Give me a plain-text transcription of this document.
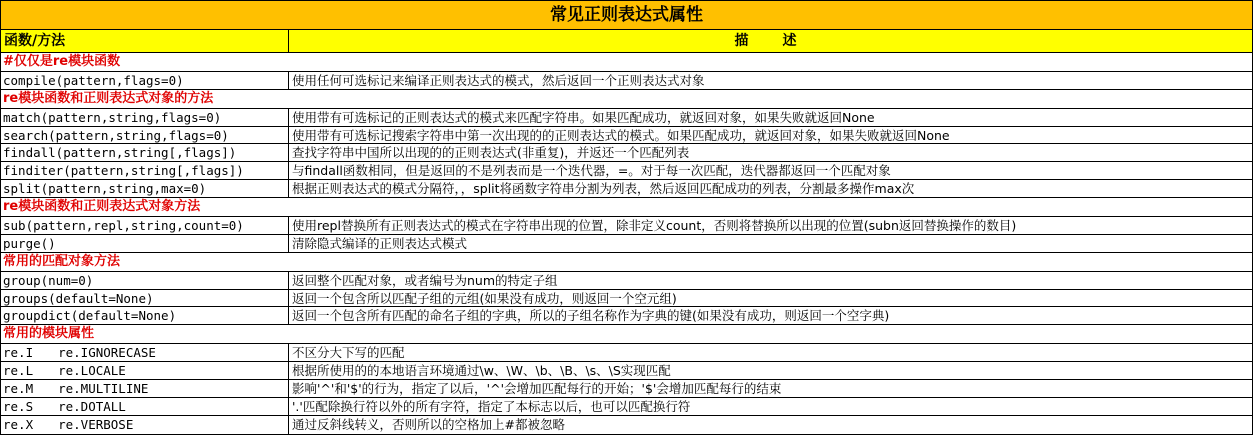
常见正则表达式属性
函数/方法	描　述
#仅仅是re模块函数
compile(pattern,flags=0)	使用任何可选标记来编译正则表达式的模式，然后返回一个正则表达式对象
re模块函数和正则表达式对象的方法
match(pattern,string,flags=0)	使用带有可选标记的正则表达式的模式来匹配字符串。如果匹配成功，就返回对象，如果失败就返回None
search(pattern,string,flags=0)	使用带有可选标记搜索字符串中第一次出现的的正则表达式的模式。如果匹配成功，就返回对象，如果失败就返回None
findall(pattern,string[,flags])	查找字符串中国所以出现的的正则表达式(非重复)，并返还一个匹配列表
finditer(pattern,string[,flags])	与findall函数相同，但是返回的不是列表而是一个迭代器，=。对于每一次匹配，迭代器都返回一个匹配对象
split(pattern,string,max=0)	根据正则表达式的模式分隔符，，split将函数字符串分割为列表，然后返回匹配成功的列表，分割最多操作max次
re模块函数和正则表达式对象方法
sub(pattern,repl,string,count=0)	使用repl替换所有正则表达式的模式在字符串出现的位置，除非定义count，否则将替换所以出现的位置(subn返回替换操作的数目)
purge()	清除隐式编译的正则表达式模式
常用的匹配对象方法
group(num=0)	返回整个匹配对象，或者编号为num的特定子组
groups(default=None)	返回一个包含所以匹配子组的元组(如果没有成功，则返回一个空元组)
groupdict(default=None)	返回一个包含所有匹配的命名子组的字典，所以的子组名称作为字典的键(如果没有成功，则返回一个空字典)
常用的模块属性
re.I　　re.IGNORECASE	不区分大下写的匹配
re.L　　re.LOCALE	根据所使用的的本地语言环境通过\w、\W、\b、\B、\s、\S实现匹配
re.M　　re.MULTILINE	影响'^'和'$'的行为，指定了以后，'^'会增加匹配每行的开始；'$'会增加匹配每行的结束
re.S　　re.DOTALL	'.'匹配除换行符以外的所有字符，指定了本标志以后，也可以匹配换行符
re.X　　re.VERBOSE	通过反斜线转义，否则所以的空格加上#都被忽略
